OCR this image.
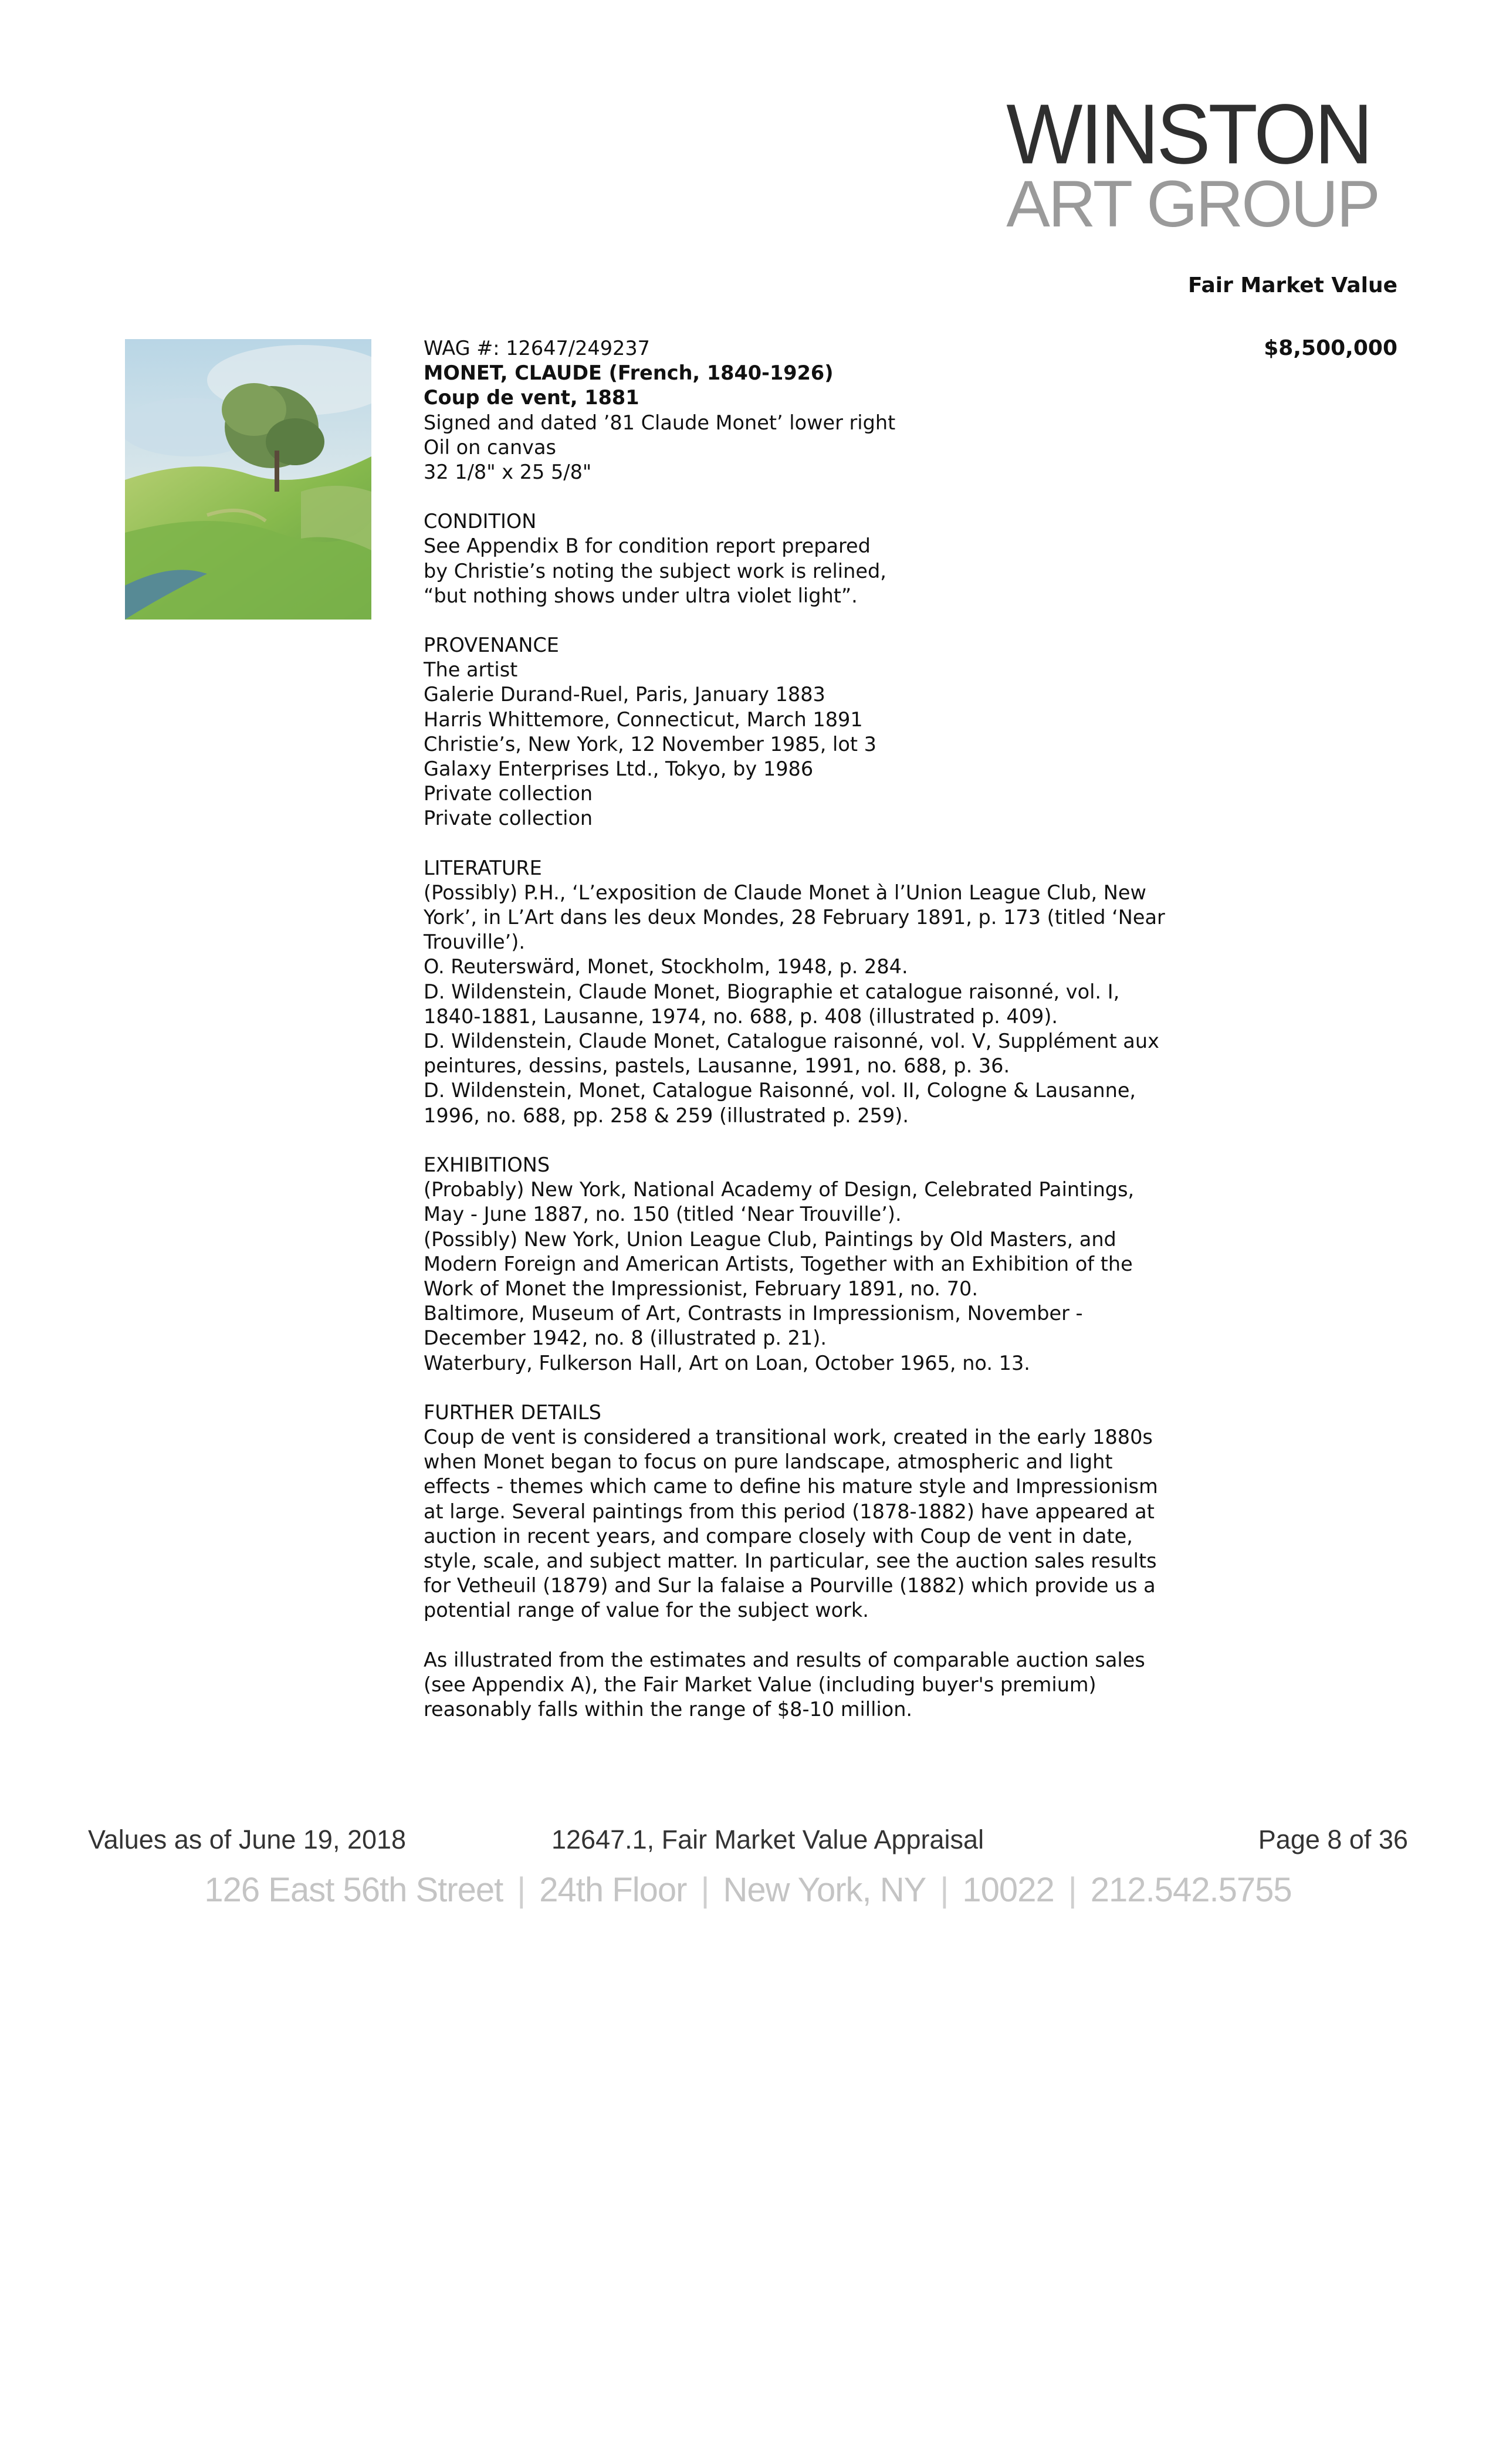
WINSTON
ART GROUP
Fair Market Value
$8,500,000

WAG #: 12647/249237

MONET, CLAUDE (French, 1840-1926)

Coup de vent, 1881

Signed and dated ’81 Claude Monet’ lower right

Oil on canvas

32 1/8" x 25 5/8"

CONDITION

See Appendix B for condition report prepared

by Christie’s noting the subject work is relined,

“but nothing shows under ultra violet light”.

PROVENANCE

The artist

Galerie Durand-Ruel, Paris, January 1883

Harris Whittemore, Connecticut, March 1891

Christie’s, New York, 12 November 1985, lot 3

Galaxy Enterprises Ltd., Tokyo, by 1986

Private collection

Private collection

LITERATURE

(Possibly) P.H., ‘L’exposition de Claude Monet à l’Union League Club, New

York’, in L’Art dans les deux Mondes, 28 February 1891, p. 173 (titled ‘Near

Trouville’).

O. Reuterswärd, Monet, Stockholm, 1948, p. 284.

D. Wildenstein, Claude Monet, Biographie et catalogue raisonné, vol. I,

1840-1881, Lausanne, 1974, no. 688, p. 408 (illustrated p. 409).

D. Wildenstein, Claude Monet, Catalogue raisonné, vol. V, Supplément aux

peintures, dessins, pastels, Lausanne, 1991, no. 688, p. 36.

D. Wildenstein, Monet, Catalogue Raisonné, vol. II, Cologne & Lausanne,

1996, no. 688, pp. 258 & 259 (illustrated p. 259).

EXHIBITIONS

(Probably) New York, National Academy of Design, Celebrated Paintings,

May - June 1887, no. 150 (titled ‘Near Trouville’).

(Possibly) New York, Union League Club, Paintings by Old Masters, and

Modern Foreign and American Artists, Together with an Exhibition of the

Work of Monet the Impressionist, February 1891, no. 70.

Baltimore, Museum of Art, Contrasts in Impressionism, November -

December 1942, no. 8 (illustrated p. 21).

Waterbury, Fulkerson Hall, Art on Loan, October 1965, no. 13.

FURTHER DETAILS

Coup de vent is considered a transitional work, created in the early 1880s

when Monet began to focus on pure landscape, atmospheric and light

effects - themes which came to define his mature style and Impressionism

at large. Several paintings from this period (1878-1882) have appeared at

auction in recent years, and compare closely with Coup de vent in date,

style, scale, and subject matter. In particular, see the auction sales results

for Vetheuil (1879) and Sur la falaise a Pourville (1882) which provide us a

potential range of value for the subject work.

As illustrated from the estimates and results of comparable auction sales

(see Appendix A), the Fair Market Value (including buyer's premium)

reasonably falls within the range of $8-10 million.

Values as of June 19, 2018	12647.1, Fair Market Value Appraisal	Page 8 of 36
126 East 56th Street | 24th Floor | New York, NY | 10022 | 212.542.5755
